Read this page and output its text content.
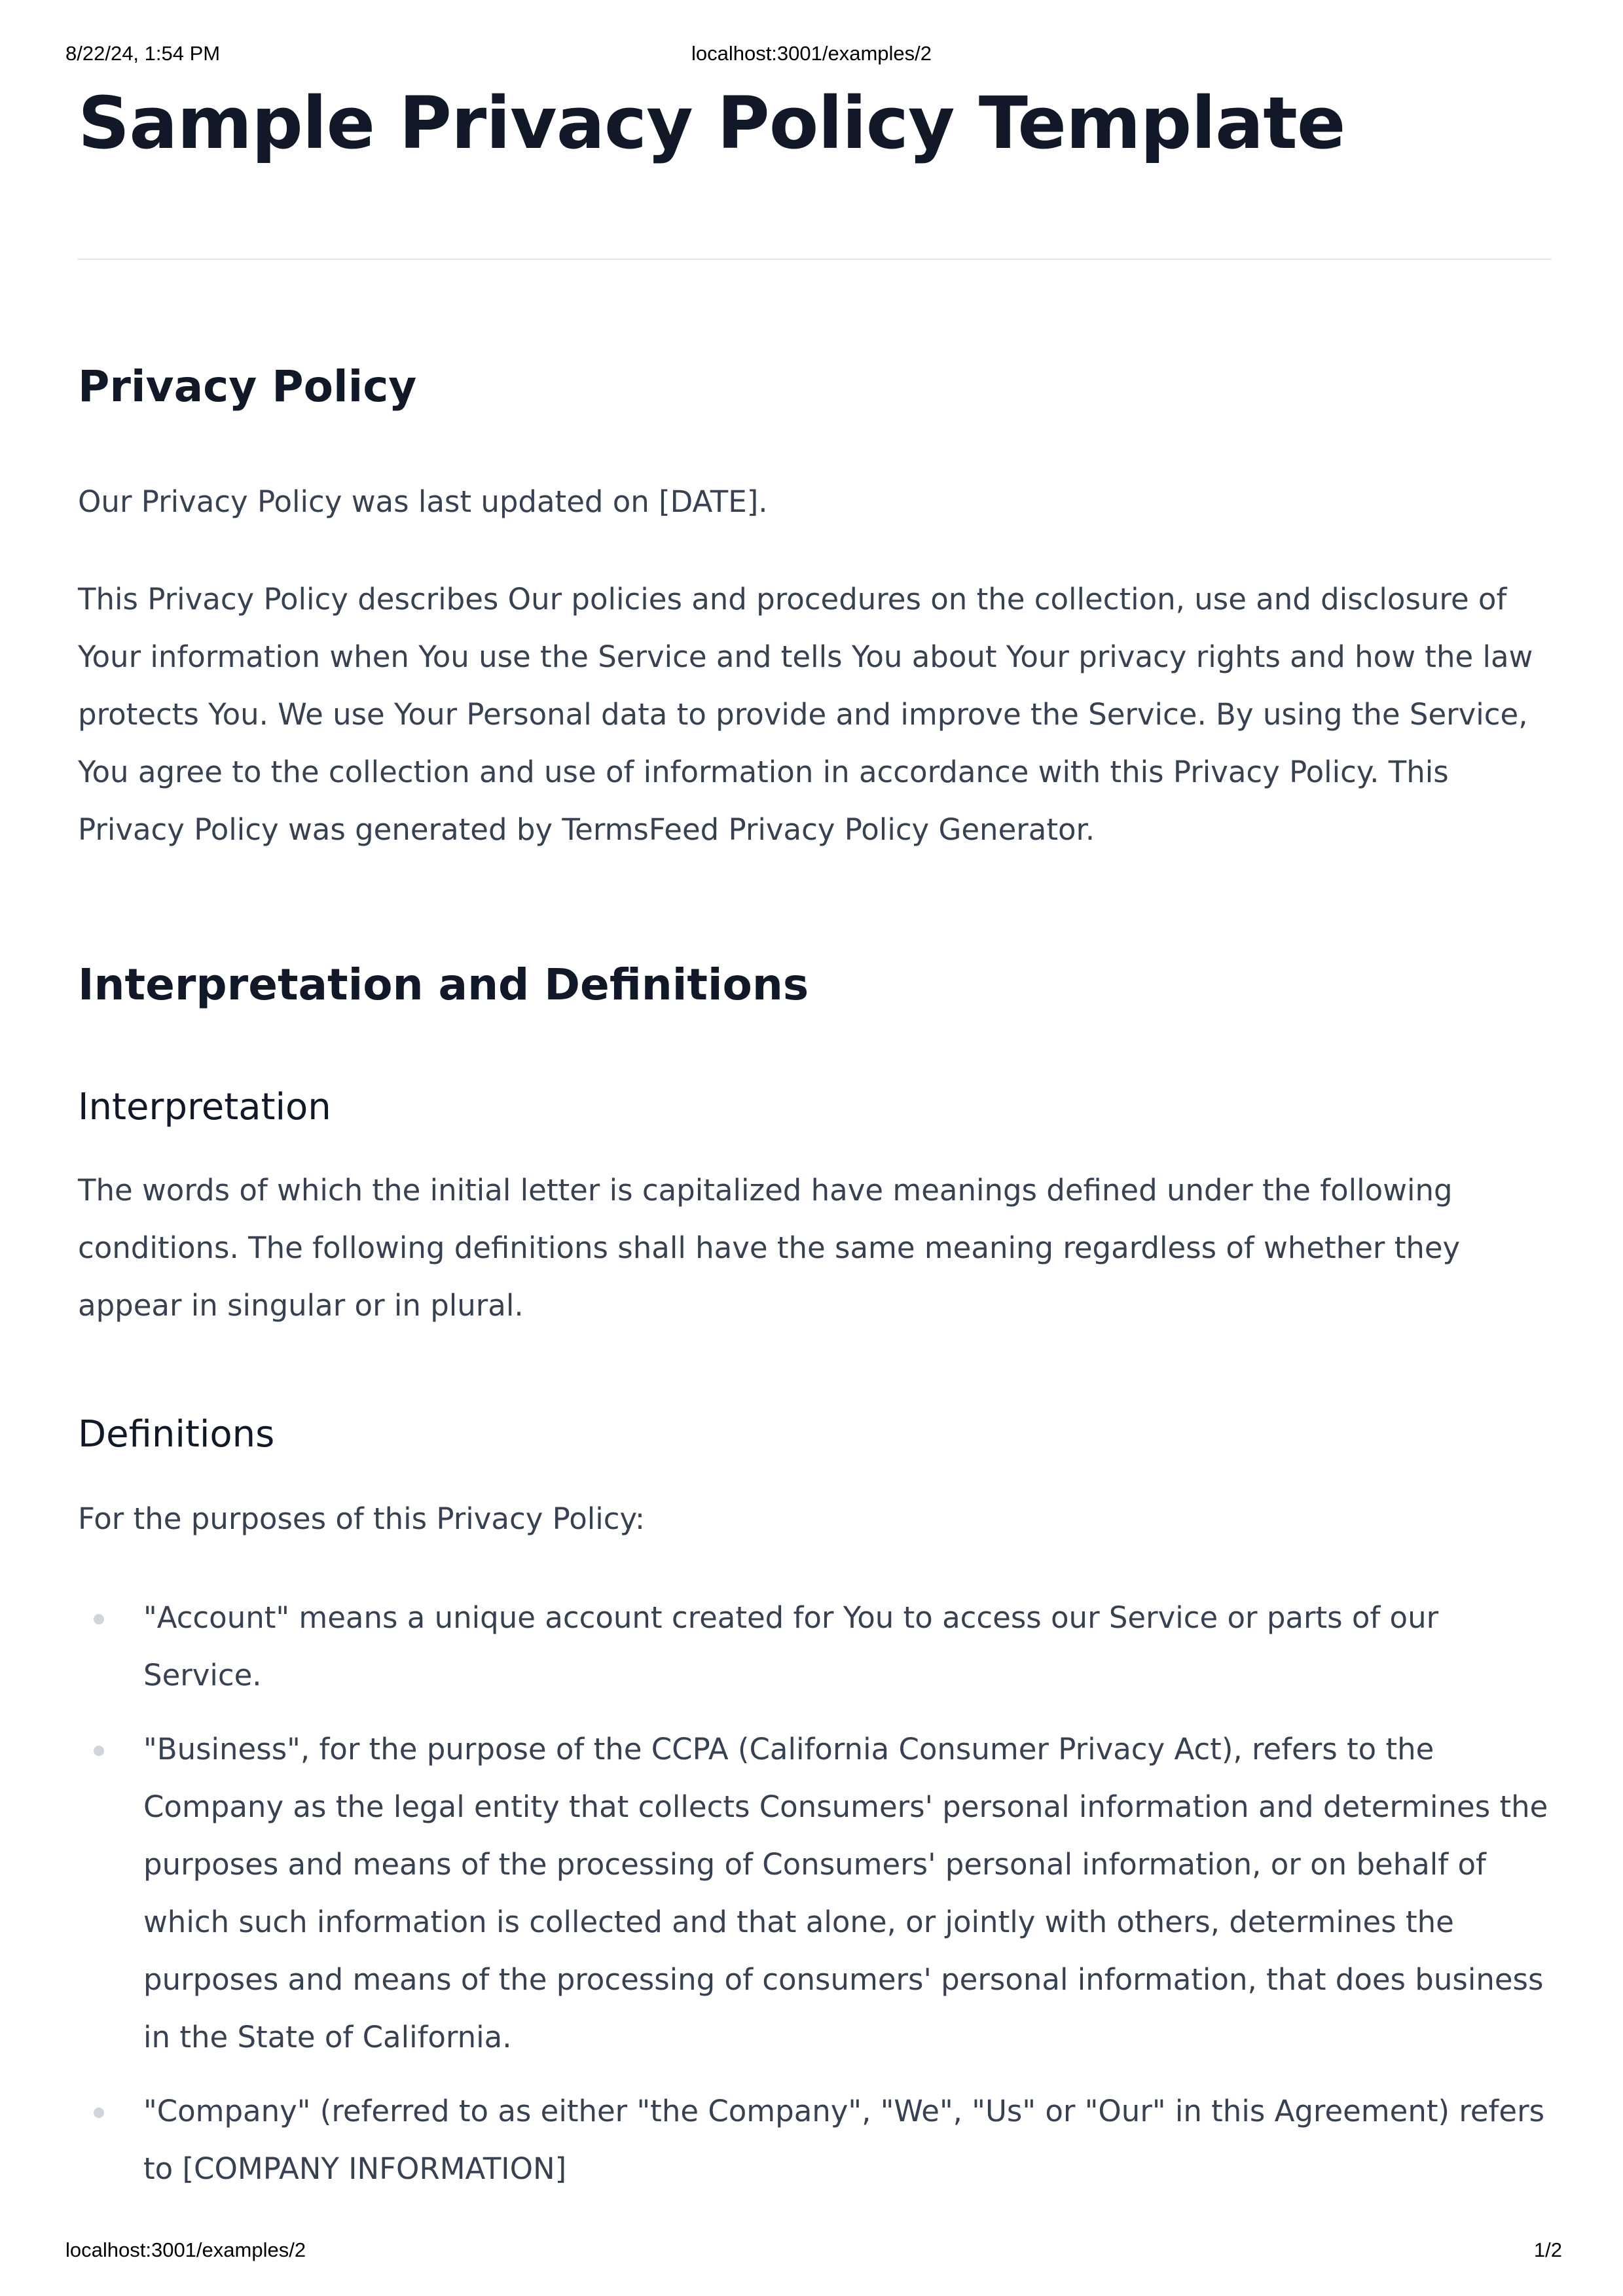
8/22/24, 1:54 PM	localhost:3001/examples/2
Sample Privacy Policy Template
Privacy Policy

Our Privacy Policy was last updated on [DATE].

This Privacy Policy describes Our policies and procedures on the collection, use and disclosure of Your information when You use the Service and tells You about Your privacy rights and how the law protects You. We use Your Personal data to provide and improve the Service. By using the Service, You agree to the collection and use of information in accordance with this Privacy Policy. This Privacy Policy was generated by TermsFeed Privacy Policy Generator.

Interpretation and Definitions
Interpretation

The words of which the initial letter is capitalized have meanings defined under the following conditions. The following definitions shall have the same meaning regardless of whether they appear in singular or in plural.

Definitions

For the purposes of this Privacy Policy:

"Account" means a unique account created for You to access our Service or parts of our Service.
"Business", for the purpose of the CCPA (California Consumer Privacy Act), refers to the Company as the legal entity that collects Consumers' personal information and determines the purposes and means of the processing of Consumers' personal information, or on behalf of which such information is collected and that alone, or jointly with others, determines the purposes and means of the processing of consumers' personal information, that does business in the State of California.
"Company" (referred to as either "the Company", "We", "Us" or "Our" in this Agreement) refers to [COMPANY INFORMATION]
localhost:3001/examples/2	1/2
